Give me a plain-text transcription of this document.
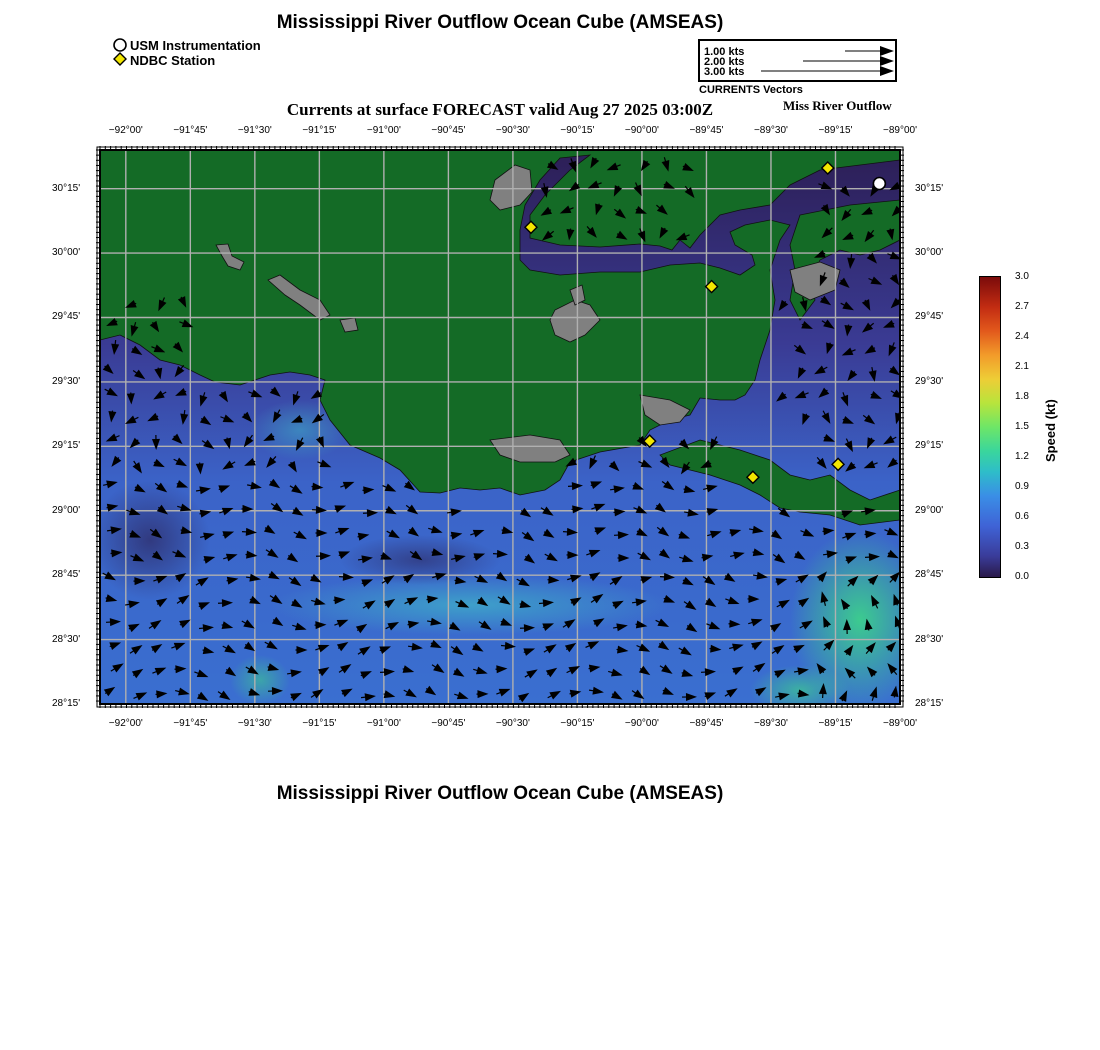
Mississippi River Outflow Ocean Cube (AMSEAS)
USM Instrumentation
NDBC Station
1.00 kts
2.00 kts
3.00 kts
CURRENTS Vectors
Currents at surface FORECAST valid Aug 27 2025 03:00Z	Miss River Outflow
−92°00'
−92°00'
−91°45'
−91°45'
−91°30'
−91°30'
−91°15'
−91°15'
−91°00'
−91°00'
−90°45'
−90°45'
−90°30'
−90°30'
−90°15'
−90°15'
−90°00'
−90°00'
−89°45'
−89°45'
−89°30'
−89°30'
−89°15'
−89°15'
−89°00'
−89°00'
30°15'	30°15'
30°00'	30°00'
29°45'	29°45'
29°30'	29°30'
29°15'	29°15'
29°00'	29°00'
28°45'	28°45'
28°30'	28°30'
28°15'	28°15'
3.0
2.7
2.4
2.1
1.8
1.5
1.2
0.9
0.6
0.3
0.0
Speed (kt)
Mississippi River Outflow Ocean Cube (AMSEAS)
